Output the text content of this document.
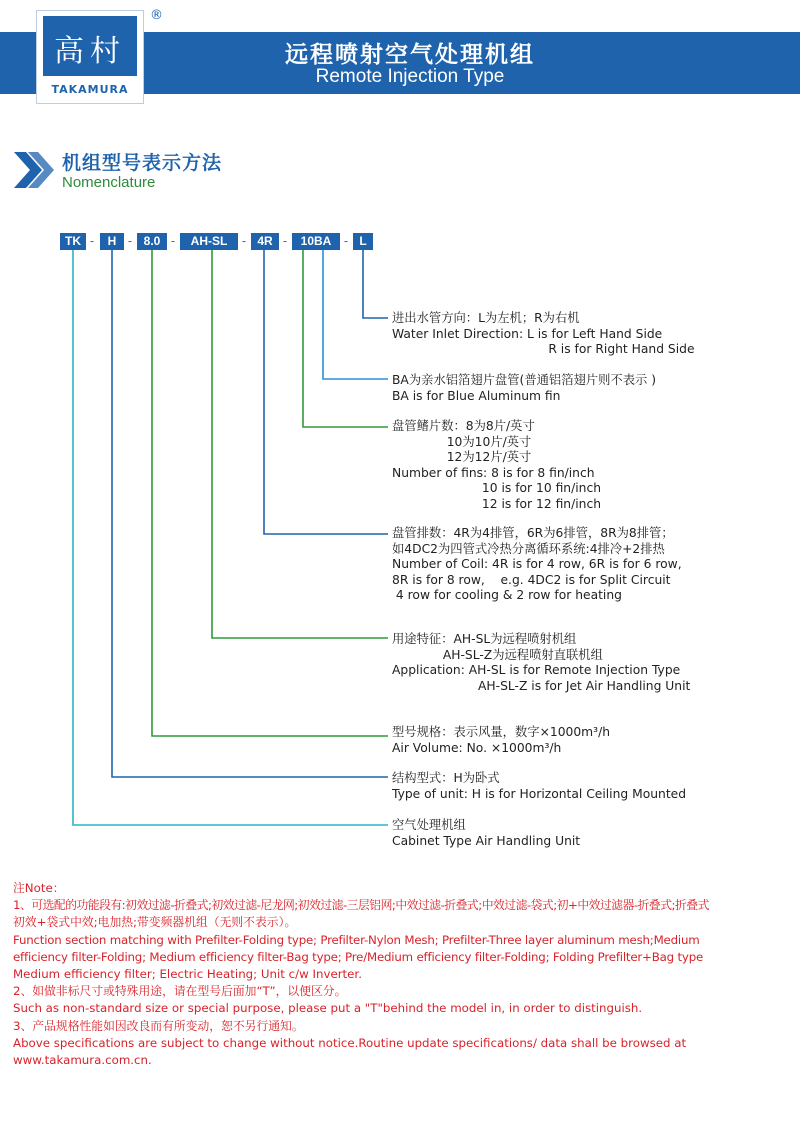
高村
TAKAMURA
®
远程喷射空气处理机组
Remote Injection Type
机组型号表示方法
Nomenclature
TK -	H - 8.0 -	AH-SL	- 4R -	10BA	- L
进出水管方向：L为左机；R为右机
Water Inlet Direction: L is for Left Hand Side
R is for Right Hand Side
BA为亲水铝箔翅片盘管(普通铝箔翅片则不表示 )
BA is for Blue Aluminum fin
盘管鳍片数：8为8片/英寸
10为10片/英寸
12为12片/英寸
Number of fins: 8 is for 8 fin/inch
10 is for 10 fin/inch
12 is for 12 fin/inch
盘管排数：4R为4排管，6R为6排管，8R为8排管；
如4DC2为四管式冷热分离循环系统:4排冷+2排热
Number of Coil: 4R is for 4 row, 6R is for 6 row,
8R is for 8 row,    e.g. 4DC2 is for Split Circuit
4 row for cooling & 2 row for heating
用途特征：AH-SL为远程喷射机组
AH-SL-Z为远程喷射直联机组
Application: AH-SL is for Remote Injection Type
AH-SL-Z is for Jet Air Handling Unit
型号规格：表示风量，数字×1000m³/h
Air Volume: No. ×1000m³/h
结构型式：H为卧式
Type of unit: H is for Horizontal Ceiling Mounted
空气处理机组
Cabinet Type Air Handling Unit
注Note：
1、可选配的功能段有:初效过滤-折叠式;初效过滤-尼龙网;初效过滤-三层铝网;中效过滤-折叠式;中效过滤-袋式;初+中效过滤器-折叠式;折叠式
初效+袋式中效;电加热;带变频器机组（无则不表示）。
Function section matching with Prefilter-Folding type; Prefilter-Nylon Mesh; Prefilter-Three layer aluminum mesh;Medium
efficiency filter-Folding; Medium efficiency filter-Bag type; Pre/Medium efficiency filter-Folding; Folding Prefilter+Bag type
Medium efficiency filter; Electric Heating; Unit c/w Inverter.
2、如做非标尺寸或特殊用途，请在型号后面加“T”，以便区分。
Such as non-standard size or special purpose, please put a "T"behind the model in, in order to distinguish.
3、产品规格性能如因改良而有所变动，恕不另行通知。
Above specifications are subject to change without notice.Routine update specifications/ data shall be browsed at
www.takamura.com.cn.
